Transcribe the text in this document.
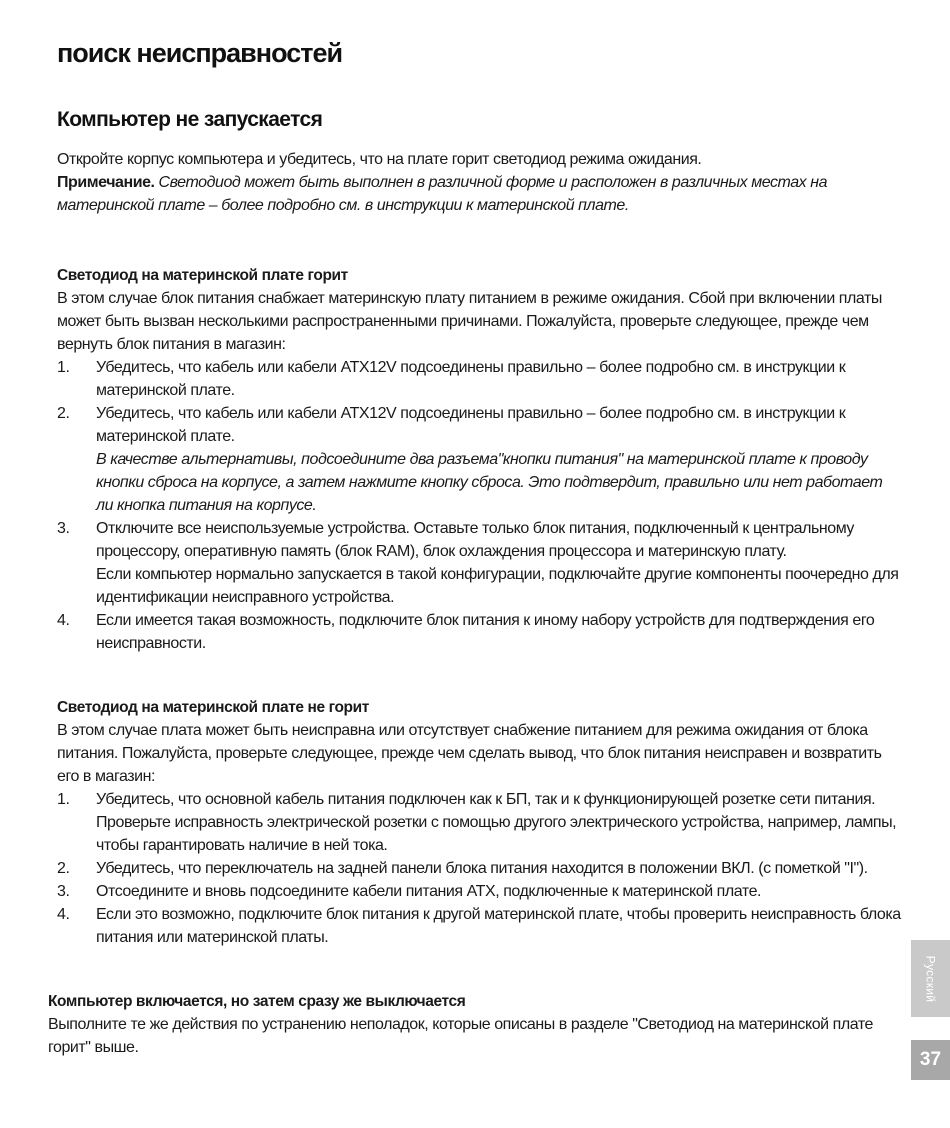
поиск неисправностей
Компьютер не запускается

Откройте корпус компьютера и убедитесь, что на плате горит светодиод режима ожидания.

Примечание. Светодиод может быть выполнен в различной форме и расположен в различных местах на материнской плате – более подробно см. в инструкции к материнской плате.

Светодиод на материнской плате горит

В этом случае блок питания снабжает материнскую плату питанием в режиме ожидания. Сбой при включении платы может быть вызван несколькими распространенными причинами. Пожалуйста, проверьте следующее, прежде чем вернуть блок питания в магазин:

1. Убедитесь, что кабель или кабели ATX12V подсоединены правильно – более подробно см. в инструкции к материнской плате.
2. Убедитесь, что кабель или кабели ATX12V подсоединены правильно – более подробно см. в инструкции к материнской плате.
В качестве альтернативы, подсоедините два разъема"кнопки питания" на материнской плате к проводу кнопки сброса на корпусе, а затем нажмите кнопку сброса. Это подтвердит, правильно или нет работает ли кнопка питания на корпусе.
3. Отключите все неиспользуемые устройства. Оставьте только блок питания, подключенный к центральному процессору, оперативную память (блок RAM), блок охлаждения процессора и материнскую плату.
Если компьютер нормально запускается в такой конфигурации, подключайте другие компоненты поочередно для идентификации неисправного устройства.
4. Если имеется такая возможность, подключите блок питания к иному набору устройств для подтверждения его неисправности.
Светодиод на материнской плате не горит

В этом случае плата может быть неисправна или отсутствует снабжение питанием для режима ожидания от блока питания. Пожалуйста, проверьте следующее, прежде чем сделать вывод, что блок питания неисправен и возвратить его в магазин:

1. Убедитесь, что основной кабель питания подключен как к БП, так и к функционирующей розетке сети питания. Проверьте исправность электрической розетки с помощью другого электрического устройства, например, лампы, чтобы гарантировать наличие в ней тока.
2. Убедитесь, что переключатель на задней панели блока питания находится в положении ВКЛ. (с пометкой "I").
3. Отсоедините и вновь подсоедините кабели питания ATX, подключенные к материнской плате.
4. Если это возможно, подключите блок питания к другой материнской плате, чтобы проверить неисправность блока питания или материнской платы.
Компьютер включается, но затем сразу же выключается

Выполните те же действия по устранению неполадок, которые описаны в разделе "Светодиод на материнской плате горит" выше.

Русский
37
